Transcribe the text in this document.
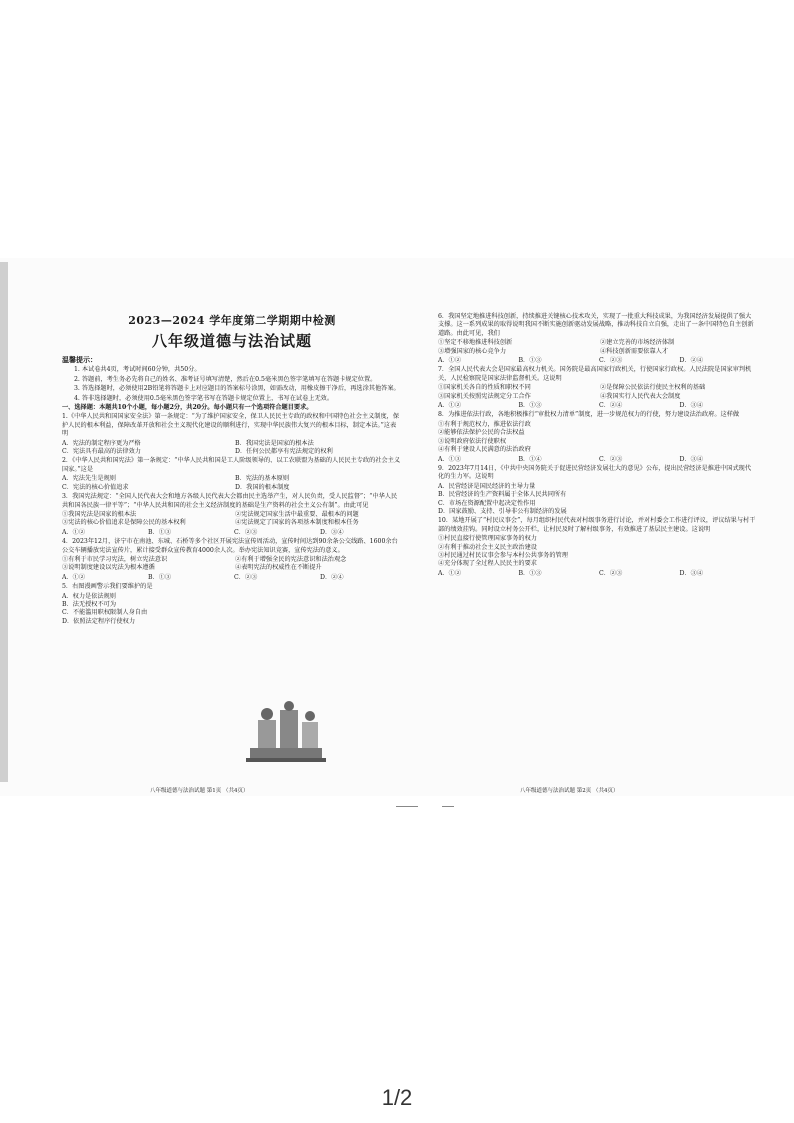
2023—2024 学年度第二学期期中检测
八年级道德与法治试题
温馨提示：
1. 本试卷共4页，考试时间60分钟，共50分。
2. 答题前，考生务必先将自己的姓名、准考证号填写清楚，然后在0.5毫米黑色签字笔填写在答题卡规定位置。
3. 答选择题时，必须使用2B铅笔将答题卡上对应题目的答案标号涂黑，如需改动，用橡皮擦干净后，再选涂其他答案。
4. 答非选择题时，必须使用0.5毫米黑色签字笔书写在答题卡规定位置上，书写在试卷上无效。
一、选择题：本题共10个小题，每小题2分，共20分。每小题只有一个选项符合题目要求。
1.《中华人民共和国国家安全法》第一条规定：“为了维护国家安全，保卫人民民主专政的政权和中国特色社会主义制度，保护人民的根本利益，保障改革开放和社会主义现代化建设的顺利进行，实现中华民族伟大复兴的根本目标，制定本法。”这表明
A．宪法的制定程序更为严格	B．我国宪法是国家的根本法
C．宪法具有最高的法律效力	D．任何公民都享有宪法规定的权利
2．《中华人民共和国宪法》第一条规定：“中华人民共和国是工人阶级领导的、以工农联盟为基础的人民民主专政的社会主义国家。”这是
A．宪法先生是规则	B．宪法的基本原则
C．宪法的核心价值追求	D．我国的根本制度
3．我国宪法规定：“全国人民代表大会和地方各级人民代表大会都由民主选举产生，对人民负责，受人民监督”；“中华人民共和国各民族一律平等”；“中华人民共和国的社会主义经济制度的基础是生产资料的社会主义公有制”。由此可见
①我国宪法是国家的根本法	②宪法规定国家生活中最重要、最根本的问题
③宪法的核心价值追求是保障公民的基本权利	④宪法规定了国家的各项基本制度和根本任务
A．①②	B．①③	C．②③	D．③④
4．2023年12月，济宁市在南池、东城、石桥等多个社区开展宪法宣传周活动，宣传时间达到90余条公交线路、1600余台公交车辆播放宪法宣传片，累计接受群众宣传教育4000余人次。举办宪法知识竞赛，宣传宪法的意义。
①有利于市民学习宪法，树立宪法意识	②有利于增强全民的宪法意识和法治观念
③说明制度建设以宪法为根本遵循	④表明宪法的权威性在不断提升
A．①②	B．①③	C．②③	D．②④
5．右图漫画警示我们要维护的是
A．权力是依法规则
B．法无授权不可为
C．不能滥用职权限制人身自由
D．依照法定程序行使权力
6．我国坚定地推进科技创新，持续推进关键核心技术攻关，实现了一批重大科技成果，为我国经济发展提供了强大支撑。这一系列成果的取得说明我国不断实施创新驱动发展战略，推动科技自立自强，走出了一条中国特色自主创新道路。由此可见，我们
①坚定不移地推进科技创新	②建立完善的市场经济体制
③增强国家的核心竞争力	④科技创新需要依靠人才
A．①②	B．①③	C．②③	D．②④
7．全国人民代表大会是国家最高权力机关。国务院是最高国家行政机关，行使国家行政权。人民法院是国家审判机关，人民检察院是国家法律监督机关。这说明
①国家机关各自的性质和职权不同	②是保障公民依法行使民主权利的基础
③国家机关按照宪法规定分工合作	④我国实行人民代表大会制度
A．①②	B．①③	C．②④	D．③④
8．为推进依法行政，各地积极推行“审批权力清单”制度，进一步规范权力的行使，努力建设法治政府。这样做
①有利于规范权力，推进依法行政
②能够依法保护公民的合法权益
③说明政府依法行使职权
④有利于建设人民满意的法治政府
A．①③	B．①④	C．②③	D．③④
9．2023年7月14日，《中共中央国务院关于促进民营经济发展壮大的意见》公布，提出民营经济是推进中国式现代化的生力军。这说明
A．民营经济是国民经济的主导力量
B．民营经济的生产资料属于全体人民共同所有
C．市场在资源配置中起决定性作用
D．国家鼓励、支持、引导非公有制经济的发展
10．某地开展了“村民议事会”，每月组织村民代表对村级事务进行讨论，并对村委会工作进行评议，评议结果与村干部的绩效挂钩。同时设立村务公开栏，让村民及时了解村级事务，有效推进了基层民主建设。这说明
①村民直接行使管理国家事务的权力
②有利于推动社会主义民主政治建设
③村民通过村民议事会参与本村公共事务的管理
④充分体现了全过程人民民主的要求
A．①②	B．①③	C．②③	D．③④
八年级道德与法治试题 第1页 （共4页）	八年级道德与法治试题 第2页 （共4页）
1/2
